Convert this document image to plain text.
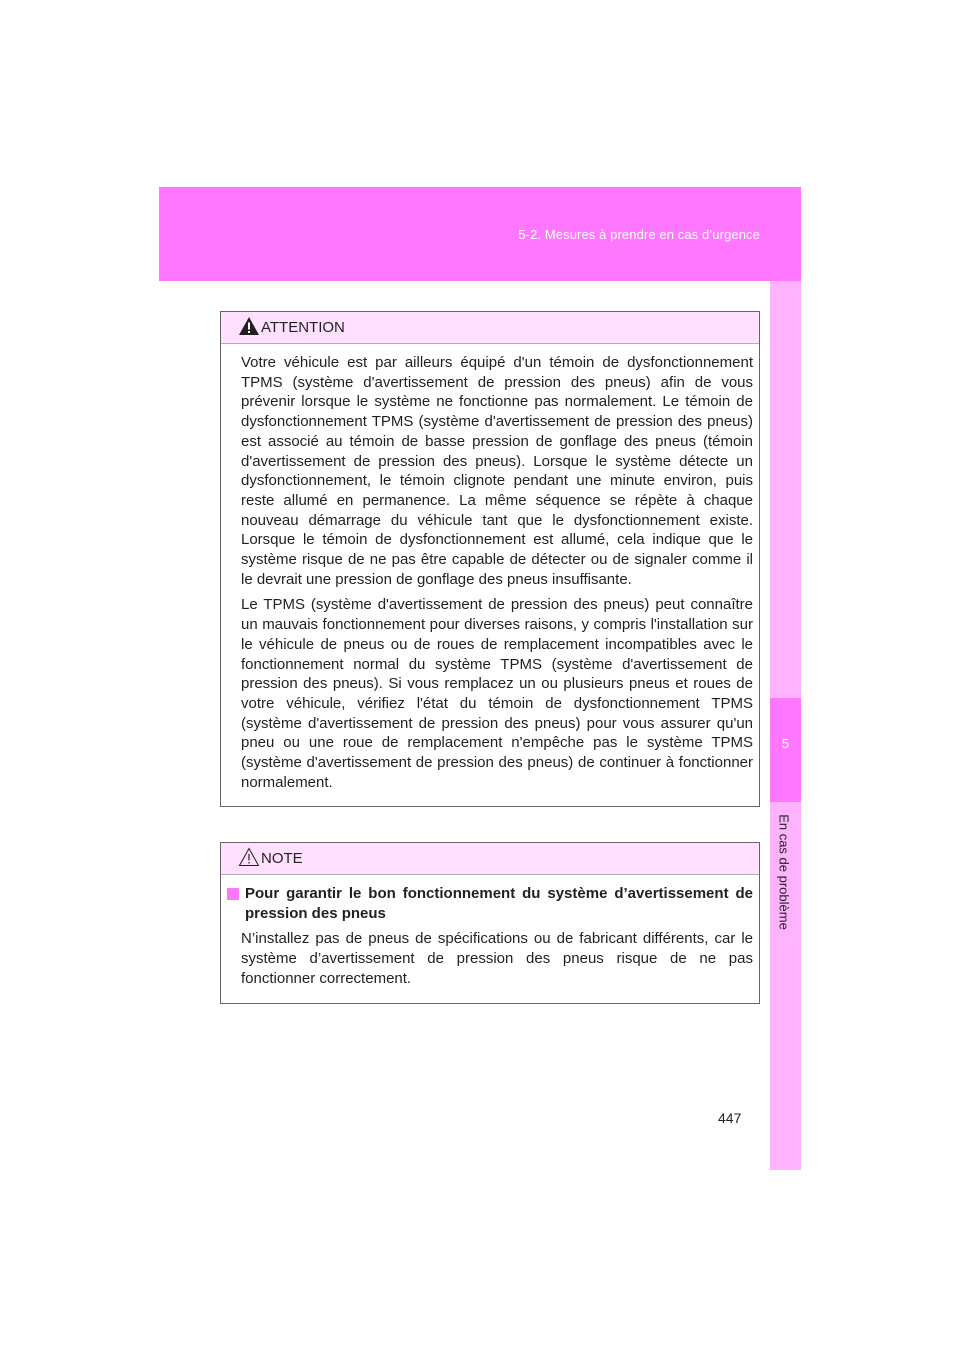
5-2. Mesures à prendre en cas d’urgence
5
En cas de problème
ATTENTION

Votre véhicule est par ailleurs équipé d'un témoin de dysfonctionnement TPMS (système d'avertissement de pression des pneus) afin de vous prévenir lorsque le système ne fonctionne pas normalement. Le témoin de dysfonctionnement TPMS (système d'avertissement de pression des pneus) est associé au témoin de basse pression de gonflage des pneus (témoin d'avertissement de pression des pneus). Lorsque le système détecte un dysfonctionnement, le témoin clignote pendant une minute environ, puis reste allumé en permanence. La même séquence se répète à chaque nouveau démarrage du véhicule tant que le dysfonctionnement existe. Lorsque le témoin de dysfonctionnement est allumé, cela indique que le système risque de ne pas être capable de détecter ou de signaler comme il le devrait une pression de gonflage des pneus insuffisante.

Le TPMS (système d'avertissement de pression des pneus) peut connaître un mauvais fonctionnement pour diverses raisons, y compris l'installation sur le véhicule de pneus ou de roues de remplacement incompatibles avec le fonctionnement normal du système TPMS (système d'avertissement de pression des pneus). Si vous remplacez un ou plusieurs pneus et roues de votre véhicule, vérifiez l'état du témoin de dysfonctionnement TPMS (système d'avertissement de pression des pneus) pour vous assurer qu'un pneu ou une roue de remplacement n'empêche pas le système TPMS (système d'avertissement de pression des pneus) de continuer à fonctionner normalement.

NOTE
Pour garantir le bon fonctionnement du système d’avertissement de pression des pneus

N’installez pas de pneus de spécifications ou de fabricant différents, car le système d’avertissement de pression des pneus risque de ne pas fonctionner correctement.

447
